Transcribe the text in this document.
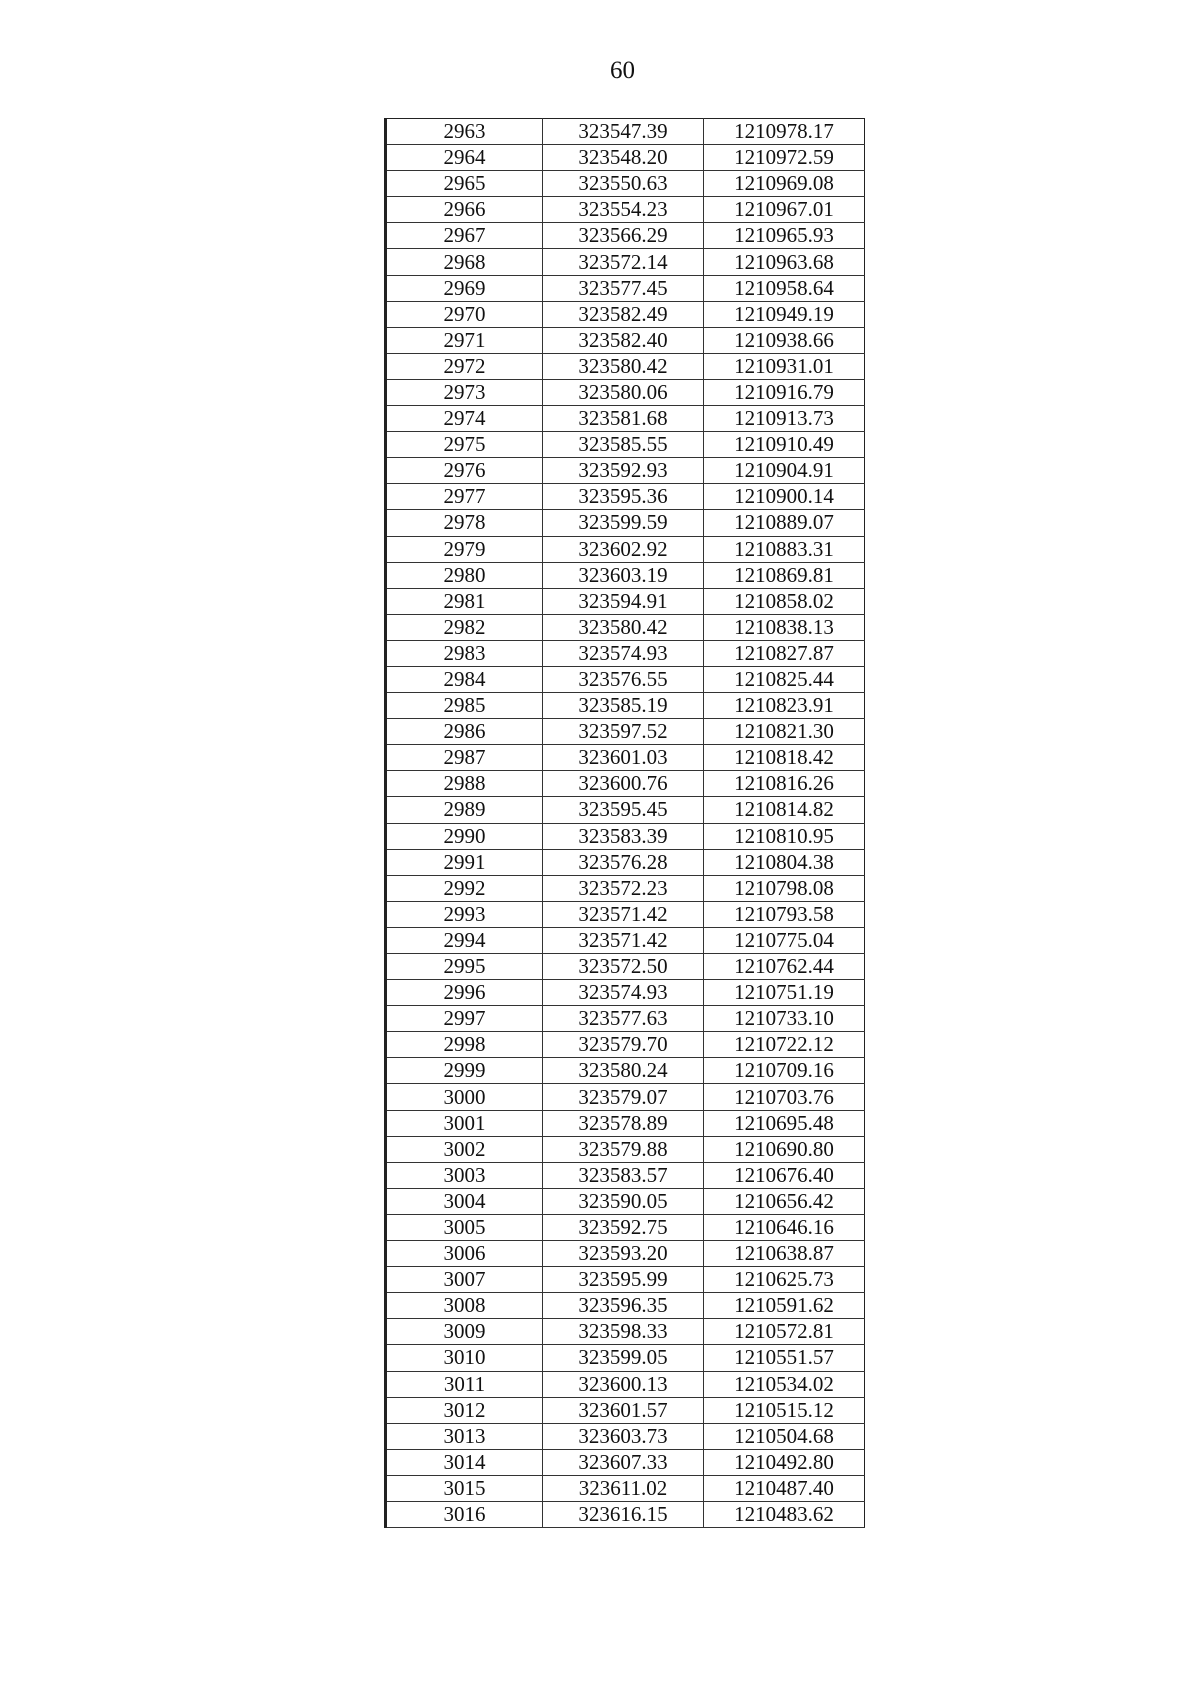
60
2963	323547.39	1210978.17
2964	323548.20	1210972.59
2965	323550.63	1210969.08
2966	323554.23	1210967.01
2967	323566.29	1210965.93
2968	323572.14	1210963.68
2969	323577.45	1210958.64
2970	323582.49	1210949.19
2971	323582.40	1210938.66
2972	323580.42	1210931.01
2973	323580.06	1210916.79
2974	323581.68	1210913.73
2975	323585.55	1210910.49
2976	323592.93	1210904.91
2977	323595.36	1210900.14
2978	323599.59	1210889.07
2979	323602.92	1210883.31
2980	323603.19	1210869.81
2981	323594.91	1210858.02
2982	323580.42	1210838.13
2983	323574.93	1210827.87
2984	323576.55	1210825.44
2985	323585.19	1210823.91
2986	323597.52	1210821.30
2987	323601.03	1210818.42
2988	323600.76	1210816.26
2989	323595.45	1210814.82
2990	323583.39	1210810.95
2991	323576.28	1210804.38
2992	323572.23	1210798.08
2993	323571.42	1210793.58
2994	323571.42	1210775.04
2995	323572.50	1210762.44
2996	323574.93	1210751.19
2997	323577.63	1210733.10
2998	323579.70	1210722.12
2999	323580.24	1210709.16
3000	323579.07	1210703.76
3001	323578.89	1210695.48
3002	323579.88	1210690.80
3003	323583.57	1210676.40
3004	323590.05	1210656.42
3005	323592.75	1210646.16
3006	323593.20	1210638.87
3007	323595.99	1210625.73
3008	323596.35	1210591.62
3009	323598.33	1210572.81
3010	323599.05	1210551.57
3011	323600.13	1210534.02
3012	323601.57	1210515.12
3013	323603.73	1210504.68
3014	323607.33	1210492.80
3015	323611.02	1210487.40
3016	323616.15	1210483.62
